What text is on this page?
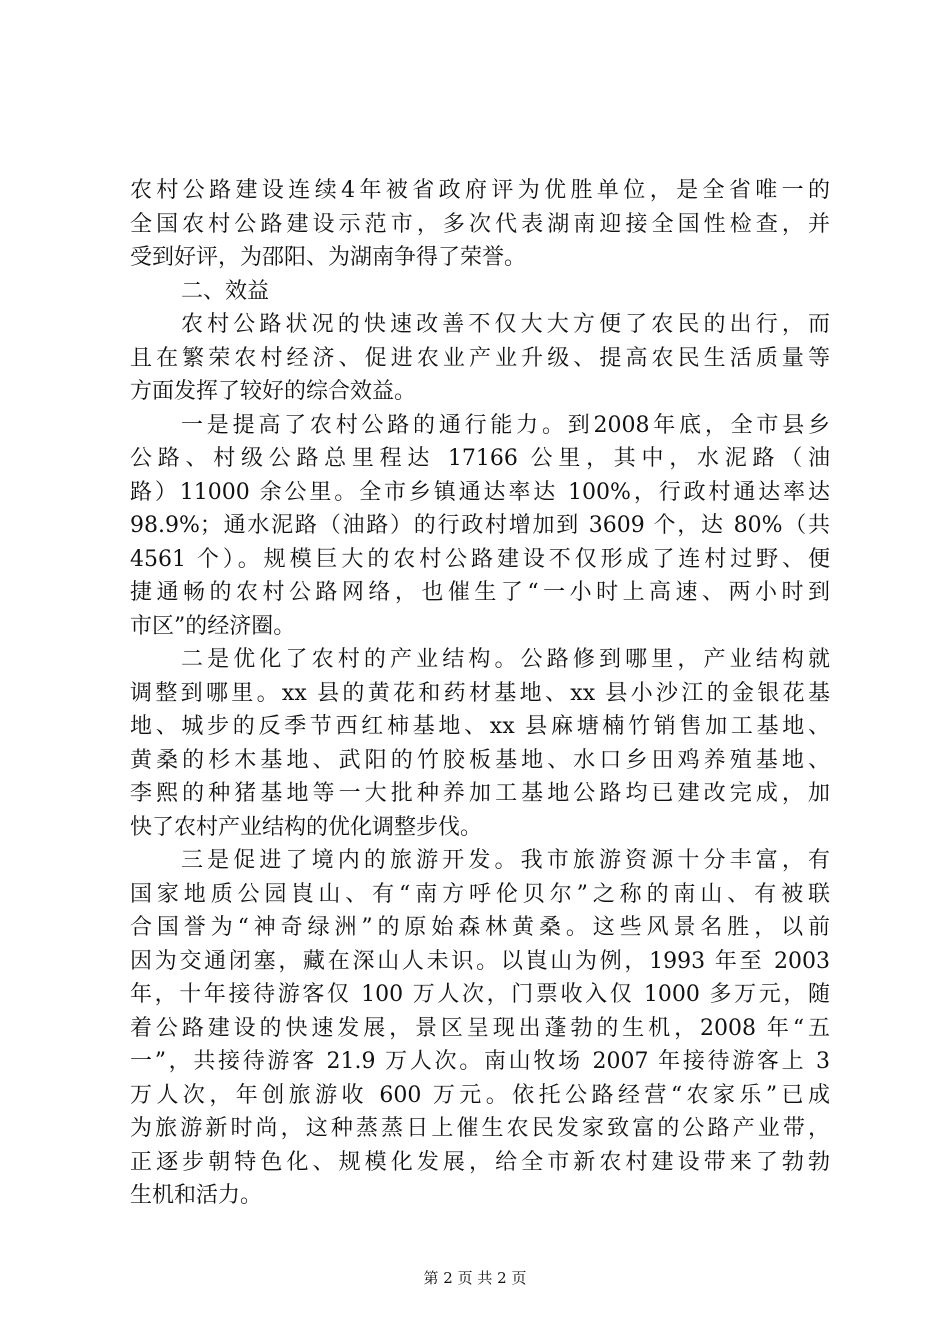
农村公路建设连续4年被省政府评为优胜单位，是全省唯一的
全国农村公路建设示范市，多次代表湖南迎接全国性检查，并
受到好评，为邵阳、为湖南争得了荣誉。
二、效益
农村公路状况的快速改善不仅大大方便了农民的出行，而
且在繁荣农村经济、促进农业产业升级、提高农民生活质量等
方面发挥了较好的综合效益。
一是提高了农村公路的通行能力。到2008年底，全市县乡
公路、村级公路总里程达 17166 公里，其中，水泥路（油
路）11000 余公里。全市乡镇通达率达 100%，行政村通达率达
98.9%；通水泥路（油路）的行政村增加到 3609 个，达 80%（共
4561 个）。规模巨大的农村公路建设不仅形成了连村过野、便
捷通畅的农村公路网络，也催生了“一小时上高速、两小时到
市区”的经济圈。
二是优化了农村的产业结构。公路修到哪里，产业结构就
调整到哪里。xx 县的黄花和药材基地、xx 县小沙江的金银花基
地、城步的反季节西红柿基地、xx 县麻塘楠竹销售加工基地、
黄桑的杉木基地、武阳的竹胶板基地、水口乡田鸡养殖基地、
李熙的种猪基地等一大批种养加工基地公路均已建改完成，加
快了农村产业结构的优化调整步伐。
三是促进了境内的旅游开发。我市旅游资源十分丰富，有
国家地质公园崀山、有“南方呼伦贝尔”之称的南山、有被联
合国誉为“神奇绿洲”的原始森林黄桑。这些风景名胜，以前
因为交通闭塞，藏在深山人未识。以崀山为例，1993 年至 2003
年，十年接待游客仅 100 万人次，门票收入仅 1000 多万元，随
着公路建设的快速发展，景区呈现出蓬勃的生机，2008 年“五
一”，共接待游客 21.9 万人次。南山牧场 2007 年接待游客上 3
万人次，年创旅游收 600 万元。依托公路经营“农家乐”已成
为旅游新时尚，这种蒸蒸日上催生农民发家致富的公路产业带，
正逐步朝特色化、规模化发展，给全市新农村建设带来了勃勃
生机和活力。
第 2 页 共 2 页
